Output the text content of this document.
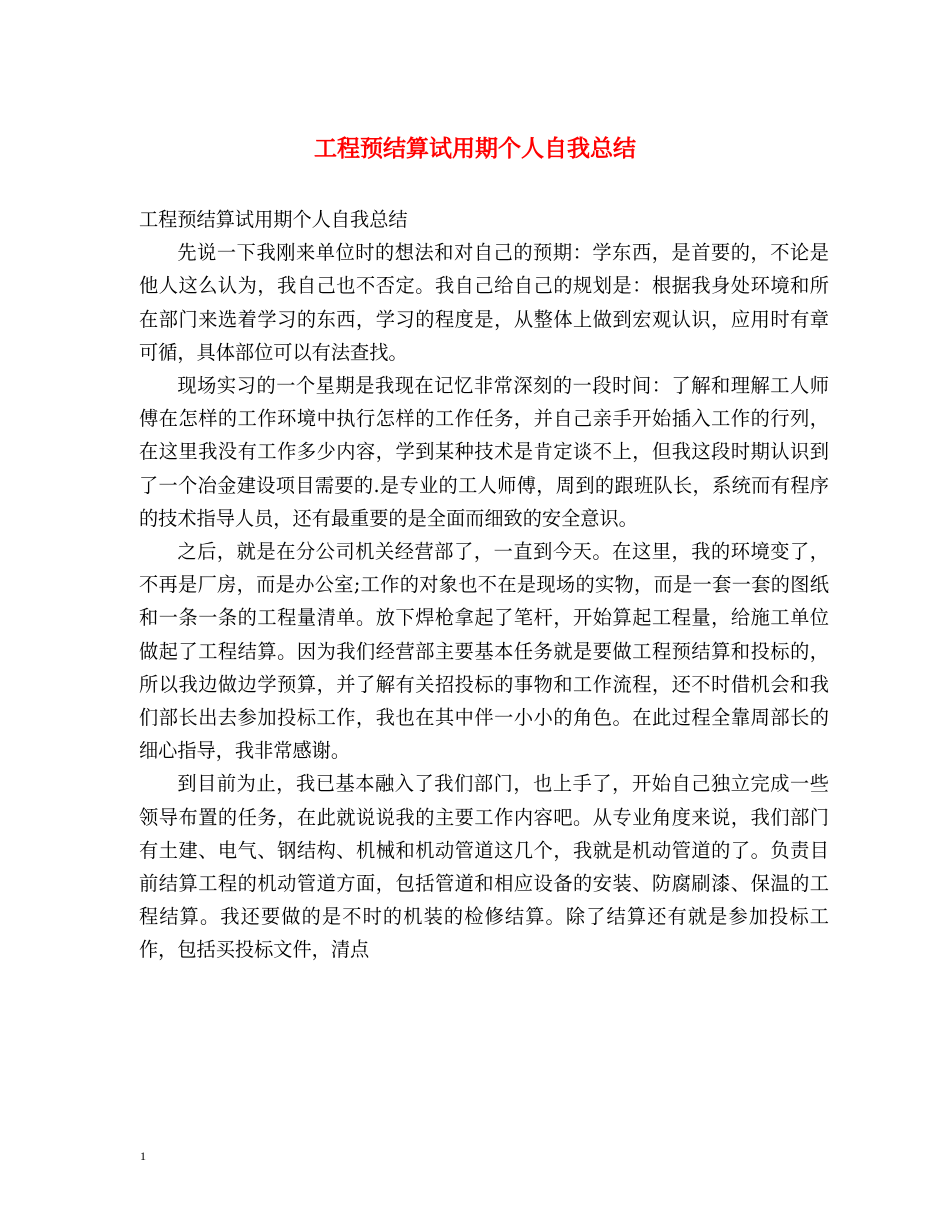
工程预结算试用期个人自我总结

工程预结算试用期个人自我总结

先说一下我刚来单位时的想法和对自己的预期：学东西，是首要的，不论是他人这么认为，我自己也不否定。我自己给自己的规划是：根据我身处环境和所在部门来选着学习的东西，学习的程度是，从整体上做到宏观认识，应用时有章可循，具体部位可以有法查找。

现场实习的一个星期是我现在记忆非常深刻的一段时间：了解和理解工人师傅在怎样的工作环境中执行怎样的工作任务，并自己亲手开始插入工作的行列，在这里我没有工作多少内容，学到某种技术是肯定谈不上，但我这段时期认识到了一个冶金建设项目需要的.是专业的工人师傅，周到的跟班队长，系统而有程序的技术指导人员，还有最重要的是全面而细致的安全意识。

之后，就是在分公司机关经营部了，一直到今天。在这里，我的环境变了，不再是厂房，而是办公室;工作的对象也不在是现场的实物，而是一套一套的图纸和一条一条的工程量清单。放下焊枪拿起了笔杆，开始算起工程量，给施工单位做起了工程结算。因为我们经营部主要基本任务就是要做工程预结算和投标的，所以我边做边学预算，并了解有关招投标的事物和工作流程，还不时借机会和我们部长出去参加投标工作，我也在其中伴一小小的角色。在此过程全靠周部长的细心指导，我非常感谢。

到目前为止，我已基本融入了我们部门，也上手了，开始自己独立完成一些领导布置的任务，在此就说说我的主要工作内容吧。从专业角度来说，我们部门有土建、电气、钢结构、机械和机动管道这几个，我就是机动管道的了。负责目前结算工程的机动管道方面，包括管道和相应设备的安装、防腐刷漆、保温的工程结算。我还要做的是不时的机装的检修结算。除了结算还有就是参加投标工作，包括买投标文件，清点

1
